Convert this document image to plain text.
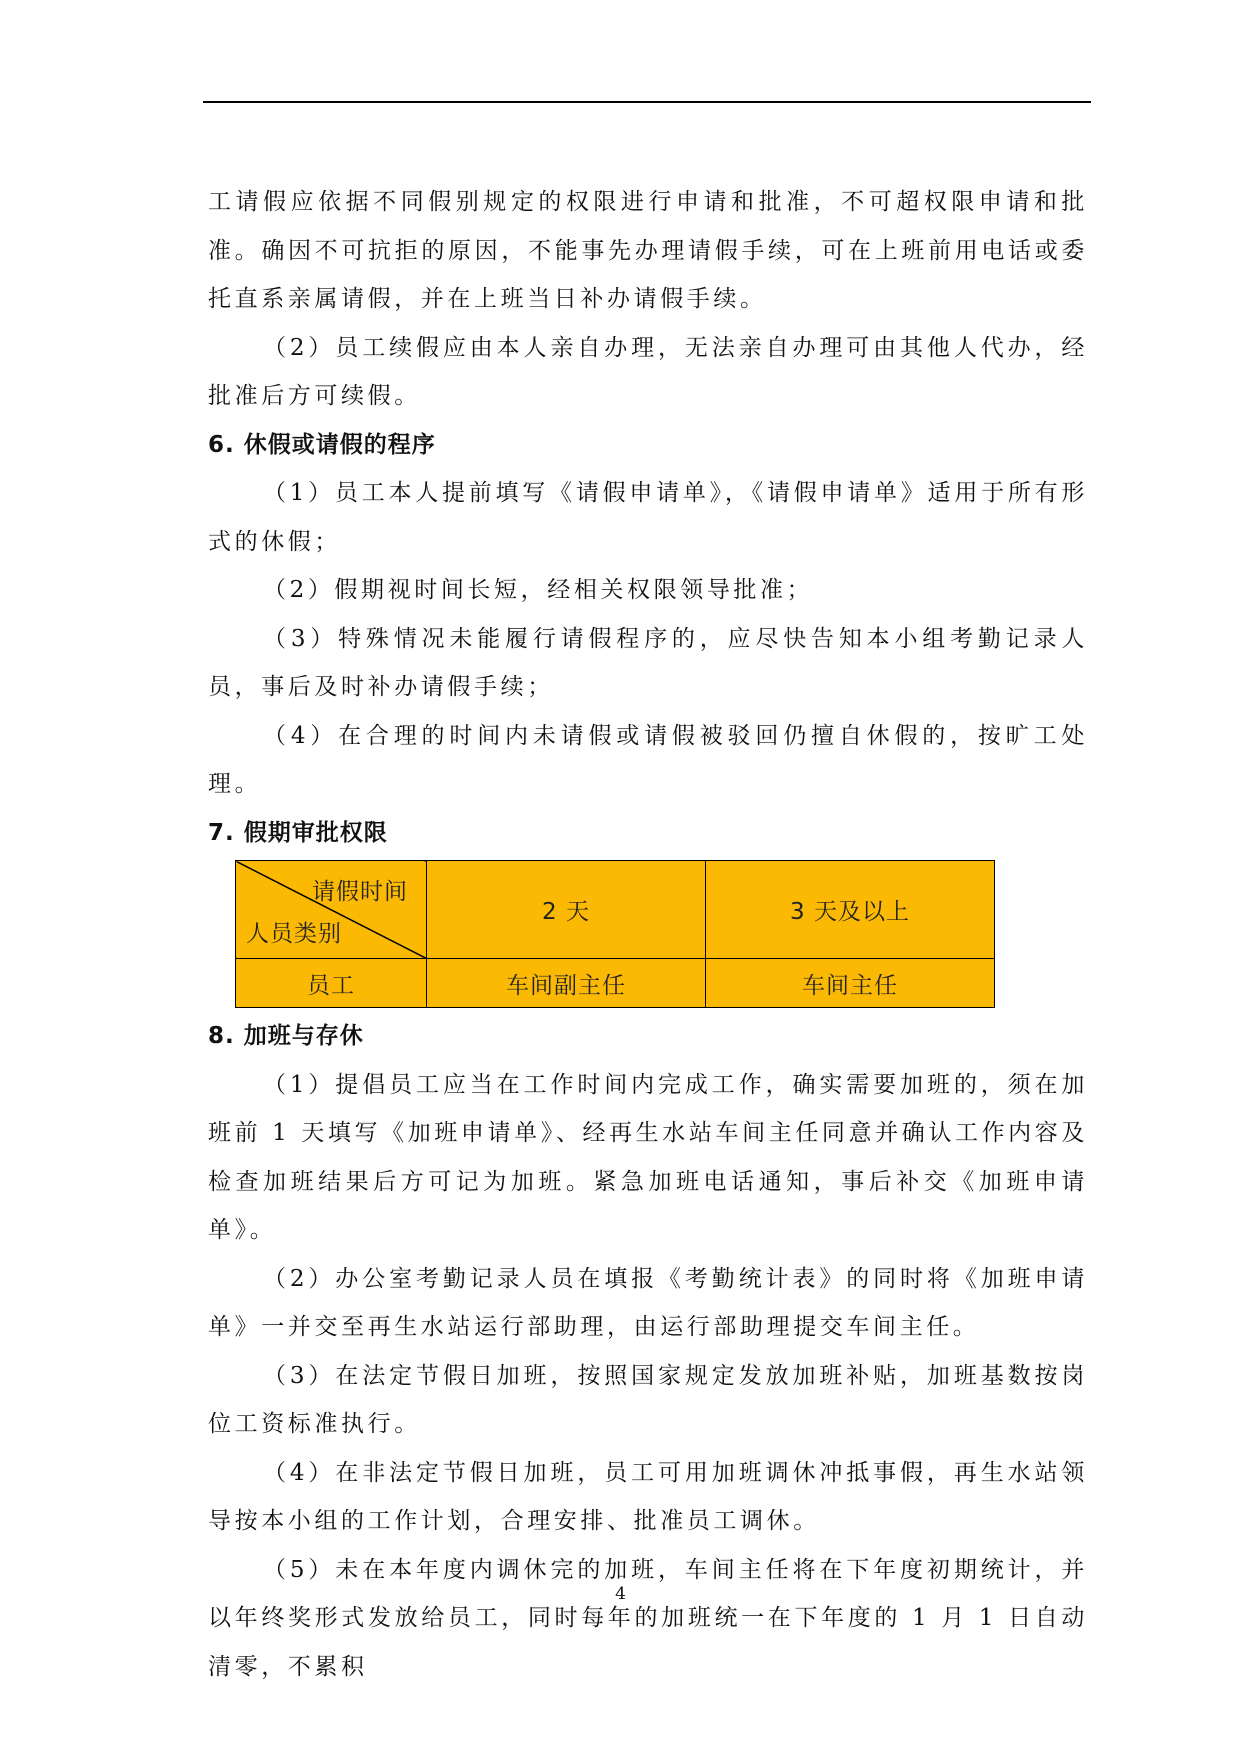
工请假应依据不同假别规定的权限进行申请和批准，不可超权限申请和批准。确因不可抗拒的原因，不能事先办理请假手续，可在上班前用电话或委托直系亲属请假，并在上班当日补办请假手续。

（2）员工续假应由本人亲自办理，无法亲自办理可由其他人代办，经批准后方可续假。

6. 休假或请假的程序

（1）员工本人提前填写《请假申请单》，《请假申请单》适用于所有形式的休假；

（2）假期视时间长短，经相关权限领导批准；

（3）特殊情况未能履行请假程序的，应尽快告知本小组考勤记录人员，事后及时补办请假手续；

（4）在合理的时间内未请假或请假被驳回仍擅自休假的，按旷工处理。

7. 假期审批权限
请假时间
人员类别	2 天	3 天及以上
员工	车间副主任	车间主任
8. 加班与存休

（1）提倡员工应当在工作时间内完成工作，确实需要加班的，须在加班前 1 天填写《加班申请单》、经再生水站车间主任同意并确认工作内容及检查加班结果后方可记为加班。紧急加班电话通知，事后补交《加班申请单》。

（2）办公室考勤记录人员在填报《考勤统计表》的同时将《加班申请单》一并交至再生水站运行部助理，由运行部助理提交车间主任。

（3）在法定节假日加班，按照国家规定发放加班补贴，加班基数按岗位工资标准执行。

（4）在非法定节假日加班，员工可用加班调休冲抵事假，再生水站领导按本小组的工作计划，合理安排、批准员工调休。

（5）未在本年度内调休完的加班，车间主任将在下年度初期统计，并以年终奖形式发放给员工，同时每年的加班统一在下年度的 1 月 1 日自动清零，不累积

4
